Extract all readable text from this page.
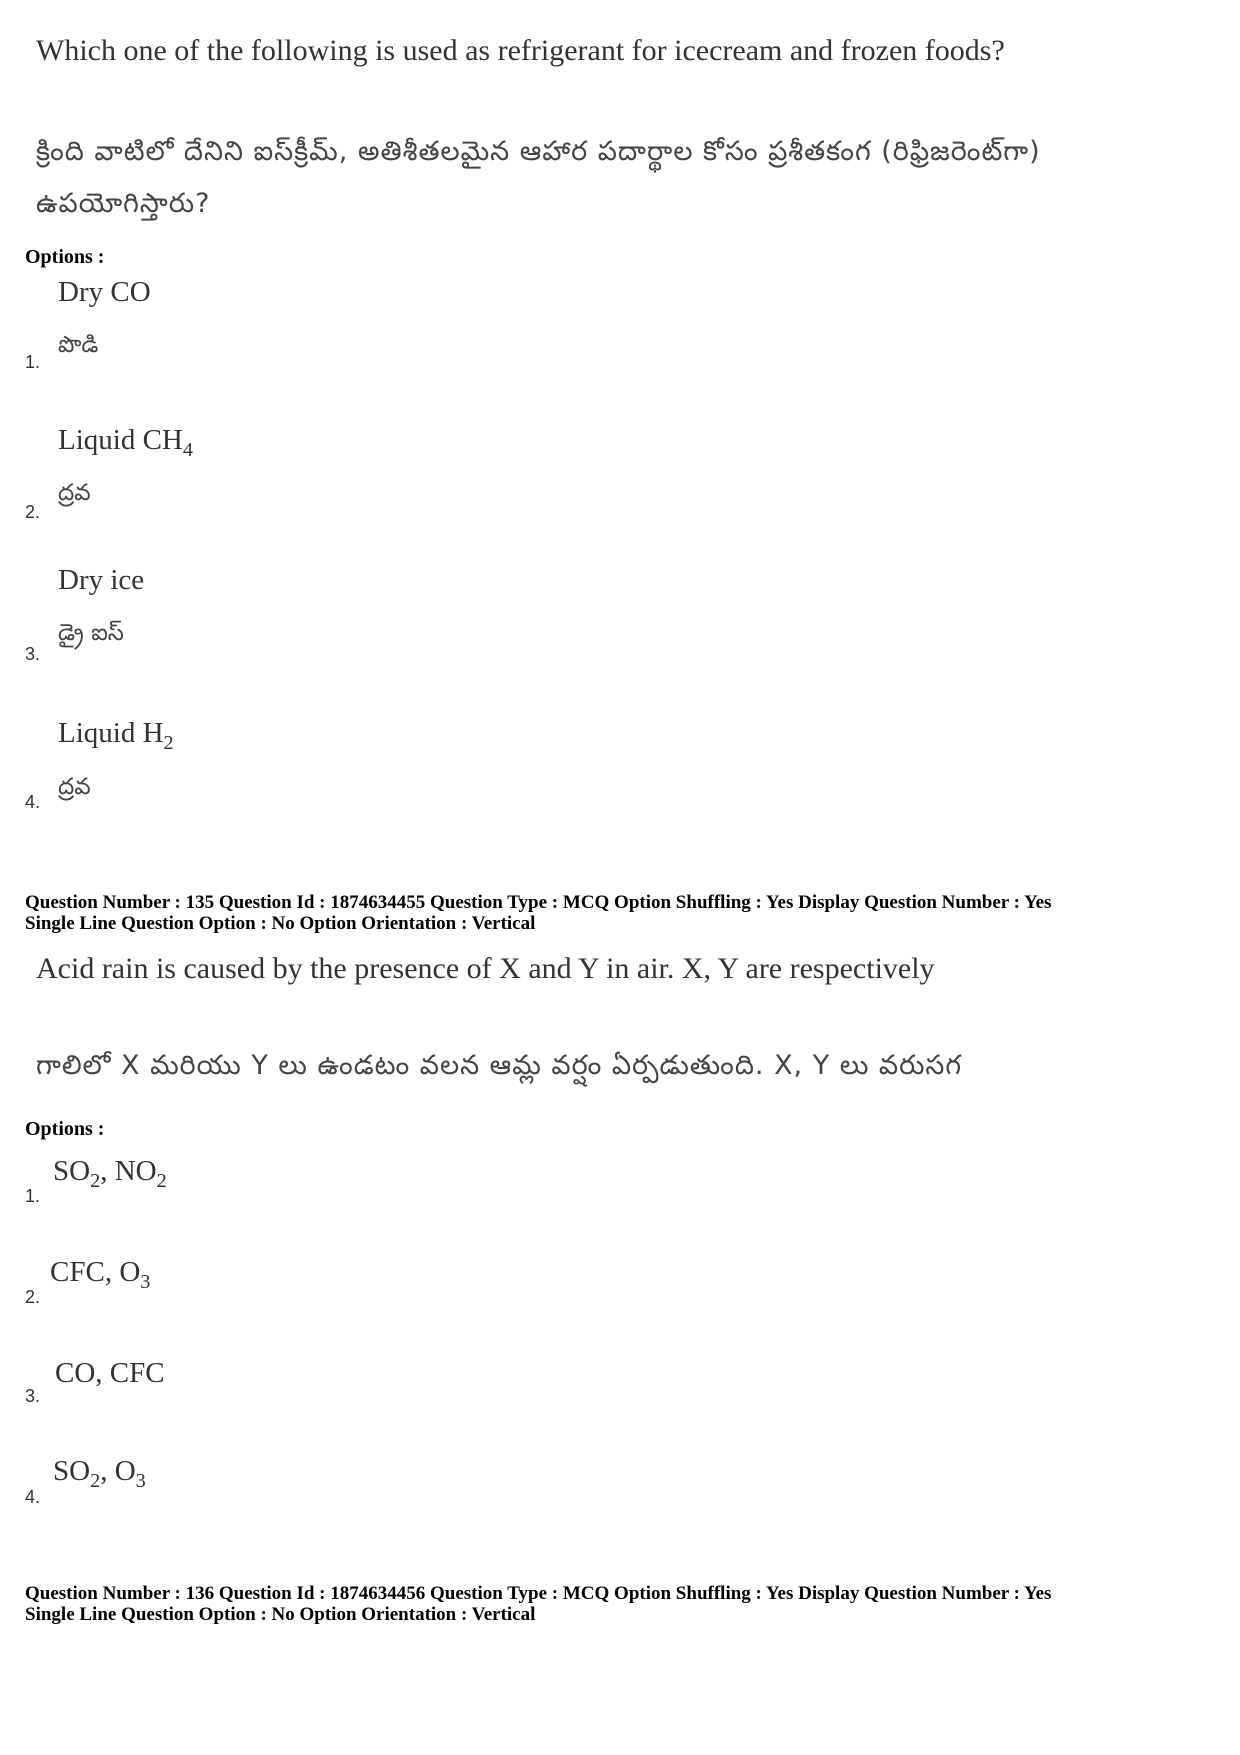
Which one of the following is used as refrigerant for icecream and frozen foods?
క్రింది వాటిలో దేనిని ఐస్‌క్రీమ్, అతిశీతలమైన ఆహార పదార్థాల కోసం ప్రశీతకంగ (రిఫ్రిజరెంట్‌గా)
ఉపయోగిస్తారు?
Options :
Dry CO
పొడి
1.
Liquid $CH_4$
ద్రవ
2.
Dry ice
డ్రై ఐస్
3.
Liquid $H_2$
ద్రవ
4.
Question Number : 135 Question Id : 1874634455 Question Type : MCQ Option Shuffling : Yes Display Question Number : Yes
Single Line Question Option : No Option Orientation : Vertical
Acid rain is caused by the presence of X and Y in air. X, Y are respectively
గాలిలో X మరియు Y లు ఉండటం వలన ఆమ్ల వర్షం ఏర్పడుతుంది. X, Y లు వరుసగ
Options :
$SO_2$, $NO_2$
1.
CFC, $O_3$
2.
CO, CFC
3.
$SO_2$, $O_3$
4.
Question Number : 136 Question Id : 1874634456 Question Type : MCQ Option Shuffling : Yes Display Question Number : Yes
Single Line Question Option : No Option Orientation : Vertical
